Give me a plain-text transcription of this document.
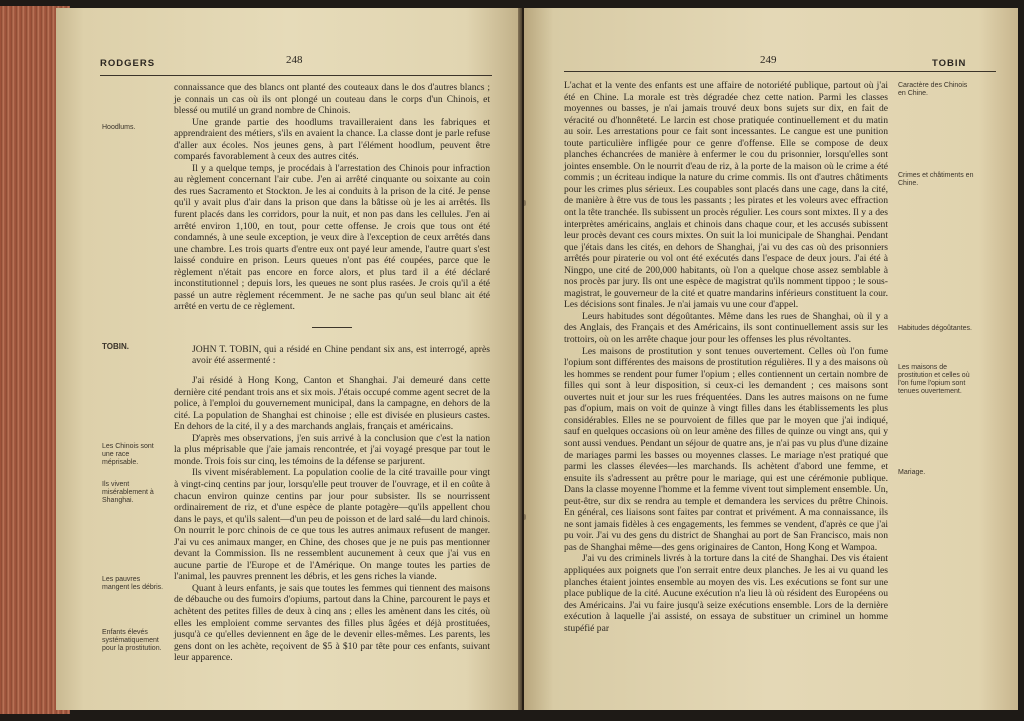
RODGERS	248

connaissance que des blancs ont planté des couteaux dans le dos d'autres blancs ; je connais un cas où ils ont plongé un couteau dans le corps d'un Chinois, et blessé ou mutilé un grand nombre de Chinois.

Une grande partie des hoodlums travailleraient dans les fabriques et apprendraient des métiers, s'ils en avaient la chance. La classe dont je parle refuse d'aller aux écoles. Nos jeunes gens, à part l'élément hoodlum, peuvent être comparés favorablement à ceux des autres cités.

Il y a quelque temps, je procédais à l'arrestation des Chinois pour infraction au règlement concernant l'air cube. J'en ai arrêté cinquante ou soixante au coin des rues Sacramento et Stockton. Je les ai conduits à la prison de la cité. Je pense qu'il y avait plus d'air dans la prison que dans la bâtisse où je les ai arrêtés. Ils furent placés dans les corridors, pour la nuit, et non pas dans les cellules. J'en ai arrêté environ 1,100, en tout, pour cette offense. Je crois que tous ont été condamnés, à une seule exception, je veux dire à l'exception de ceux arrêtés dans une chambre. Les trois quarts d'entre eux ont payé leur amende, l'autre quart s'est laissé conduire en prison. Leurs queues n'ont pas été coupées, parce que le règlement n'était pas encore en force alors, et plus tard il a été déclaré inconstitutionnel ; depuis lors, les queues ne sont plus rasées. Je crois qu'il a été passé un autre règlement récemment. Je ne sache pas qu'un seul blanc ait été arrêté en vertu de ce règlement.

JOHN T. TOBIN, qui a résidé en Chine pendant six ans, est interrogé, après avoir été assermenté :

J'ai résidé à Hong Kong, Canton et Shanghai. J'ai demeuré dans cette dernière cité pendant trois ans et six mois. J'étais occupé comme agent secret de la police, à l'emploi du gouvernement municipal, dans la campagne, en dehors de la cité. La population de Shanghai est chinoise ; elle est divisée en plusieurs castes. En dehors de la cité, il y a des marchands anglais, français et américains.

D'après mes observations, j'en suis arrivé à la conclusion que c'est la nation la plus méprisable que j'aie jamais rencontrée, et j'ai voyagé presque par tout le monde. Trois fois sur cinq, les témoins de la défense se parjurent.

Ils vivent misérablement. La population coolie de la cité travaille pour vingt à vingt-cinq centins par jour, lorsqu'elle peut trouver de l'ouvrage, et il en coûte à chacun environ quinze centins par jour pour subsister. Ils se nourrissent ordinairement de riz, et d'une espèce de plante potagère—qu'ils appellent chou dans le pays, et qu'ils salent—d'un peu de poisson et de lard salé—du lard chinois. On nourrit le porc chinois de ce que tous les autres animaux refusent de manger. J'ai vu ces animaux manger, en Chine, des choses que je ne puis pas mentionner devant la Commission. Ils ne ressemblent aucunement à ceux que j'ai vus en aucune partie de l'Europe et de l'Amérique. On mange toutes les parties de l'animal, les pauvres prennent les débris, et les gens riches la viande.

Quant à leurs enfants, je sais que toutes les femmes qui tiennent des maisons de débauche ou des fumoirs d'opiums, partout dans la Chine, parcourent le pays et achètent des petites filles de deux à cinq ans ; elles les amènent dans les cités, où elles les emploient comme servantes des filles plus âgées et déjà prostituées, jusqu'à ce qu'elles deviennent en âge de le devenir elles-mêmes. Les parents, les gens dont on les achète, reçoivent de $5 à $10 par tête pour ces enfants, suivant leur apparence.

Hoodlums.
TOBIN.
Les Chinois sont une race méprisable.
Ils vivent misérablement à Shanghai.
Les pauvres mangent les débris.
Enfants élevés systématiquement pour la prostitution.
249	TOBIN

L'achat et la vente des enfants est une affaire de notoriété publique, partout où j'ai été en Chine. La morale est très dégradée chez cette nation. Parmi les classes moyennes ou basses, je n'ai jamais trouvé deux bons sujets sur dix, en fait de véracité ou d'honnêteté. Le larcin est chose pratiquée continuellement et du matin au soir. Les arrestations pour ce fait sont incessantes. Le cangue est une punition toute particulière infligée pour ce genre d'offense. Elle se compose de deux planches échancrées de manière à enfermer le cou du prisonnier, lorsqu'elles sont jointes ensemble. On le nourrit d'eau de riz, à la porte de la maison où le crime a été commis ; un écriteau indique la nature du crime commis. Ils ont d'autres châtiments pour les crimes plus sérieux. Les coupables sont placés dans une cage, dans la cité, de manière à être vus de tous les passants ; les pirates et les voleurs avec effraction ont la tête tranchée. Ils subissent un procès régulier. Les cours sont mixtes. Il y a des interprètes américains, anglais et chinois dans chaque cour, et les accusés subissent leur procès devant ces cours mixtes. On suit la loi municipale de Shanghai. Pendant que j'étais dans les cités, en dehors de Shanghai, j'ai vu des cas où des prisonniers arrêtés pour piraterie ou vol ont été exécutés dans l'espace de deux jours. J'ai été à Ningpo, une cité de 200,000 habitants, où l'on a quelque chose assez semblable à nos procès par jury. Ils ont une espèce de magistrat qu'ils nomment tippoo ; le sous-magistrat, le gouverneur de la cité et quatre mandarins inférieurs constituent la cour. Les décisions sont finales. Je n'ai jamais vu une cour d'appel.

Leurs habitudes sont dégoûtantes. Même dans les rues de Shanghai, où il y a des Anglais, des Français et des Américains, ils sont continuellement assis sur les trottoirs, où on les arrête chaque jour pour les offenses les plus révoltantes.

Les maisons de prostitution y sont tenues ouvertement. Celles où l'on fume l'opium sont différentes des maisons de prostitution régulières. Il y a des maisons où les hommes se rendent pour fumer l'opium ; elles contiennent un certain nombre de filles qui sont à leur disposition, si ceux-ci les demandent ; ces maisons sont ouvertes nuit et jour sur les rues fréquentées. Dans les autres maisons on ne fume pas d'opium, mais on voit de quinze à vingt filles dans les établissements les plus considérables. Elles ne se pourvoient de filles que par le moyen que j'ai indiqué, sauf en quelques occasions où on leur amène des filles de quinze ou vingt ans, qui y sont aussi vendues. Pendant un séjour de quatre ans, je n'ai pas vu plus d'une dizaine de mariages parmi les basses ou moyennes classes. Le mariage n'est pratiqué que parmi les classes élevées—les marchands. Ils achètent d'abord une femme, et ensuite ils s'adressent au prêtre pour le mariage, qui est une cérémonie publique. Dans la classe moyenne l'homme et la femme vivent tout simplement ensemble. Un, peut-être, sur dix se rendra au temple et demandera les services du prêtre Chinois. En général, ces liaisons sont faites par contrat et privément. A ma connaissance, ils ne sont jamais fidèles à ces engagements, les femmes se vendent, d'après ce que j'ai pu voir. J'ai vu des gens du district de Shanghai au port de San Francisco, mais non pas de Shanghai même—des gens originaires de Canton, Hong Kong et Wampoa.

J'ai vu des criminels livrés à la torture dans la cité de Shanghai. Des vis étaient appliquées aux poignets que l'on serrait entre deux planches. Je les ai vu quand les planches étaient jointes ensemble au moyen des vis. Les exécutions se font sur une place publique de la cité. Aucune exécution n'a lieu là où résident des Européens ou des Américains. J'ai vu faire jusqu'à seize exécutions ensemble. Lors de la dernière exécution à laquelle j'ai assisté, on essaya de substituer un criminel un homme stupéfié par

Caractère des Chinois en Chine.
Crimes et châtiments en Chine.
Habitudes dégoûtantes.
Les maisons de prostitution et celles où l'on fume l'opium sont tenues ouvertement.
Mariage.
